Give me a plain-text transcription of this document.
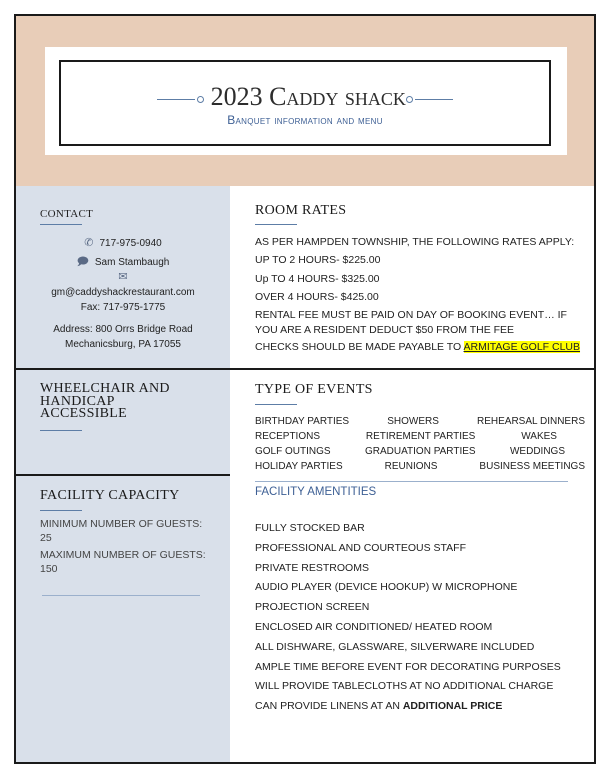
2023 Caddy shack
Banquet information and menu
CONTACT
✆ 717-975-0940
🗩 Sam Stambaugh
✉
gm@caddyshackrestaurant.com
Fax: 717-975-1775
Address: 800 Orrs Bridge Road
Mechanicsburg, PA 17055
WHEELCHAIR AND
HANDICAP
ACCESSIBLE
FACILITY CAPACITY
MINIMUM NUMBER OF GUESTS:
25
MAXIMUM NUMBER OF GUESTS:
150
ROOM RATES
AS PER HAMPDEN TOWNSHIP, THE FOLLOWING RATES APPLY:
UP TO 2 HOURS- $225.00
Up TO 4 HOURS- $325.00
OVER 4 HOURS- $425.00
RENTAL FEE MUST BE PAID ON DAY OF BOOKING EVENT… IF
YOU ARE A RESIDENT DEDUCT $50 FROM THE FEE
CHECKS SHOULD BE MADE PAYABLE TO ARMITAGE GOLF CLUB
TYPE OF EVENTS
BIRTHDAY PARTIES	SHOWERS	REHEARSAL DINNERS
RECEPTIONS	RETIREMENT PARTIES	WAKES
GOLF OUTINGS	GRADUATION PARTIES	WEDDINGS
HOLIDAY PARTIES	REUNIONS	BUSINESS MEETINGS
FACILITY AMENTITIES
FULLY STOCKED BAR
PROFESSIONAL AND COURTEOUS STAFF
PRIVATE RESTROOMS
AUDIO PLAYER (DEVICE HOOKUP) W MICROPHONE
PROJECTION SCREEN
ENCLOSED AIR CONDITIONED/ HEATED ROOM
ALL DISHWARE, GLASSWARE, SILVERWARE INCLUDED
AMPLE TIME BEFORE EVENT FOR DECORATING PURPOSES
WILL PROVIDE TABLECLOTHS AT NO ADDITIONAL CHARGE
CAN PROVIDE LINENS AT AN ADDITIONAL PRICE
